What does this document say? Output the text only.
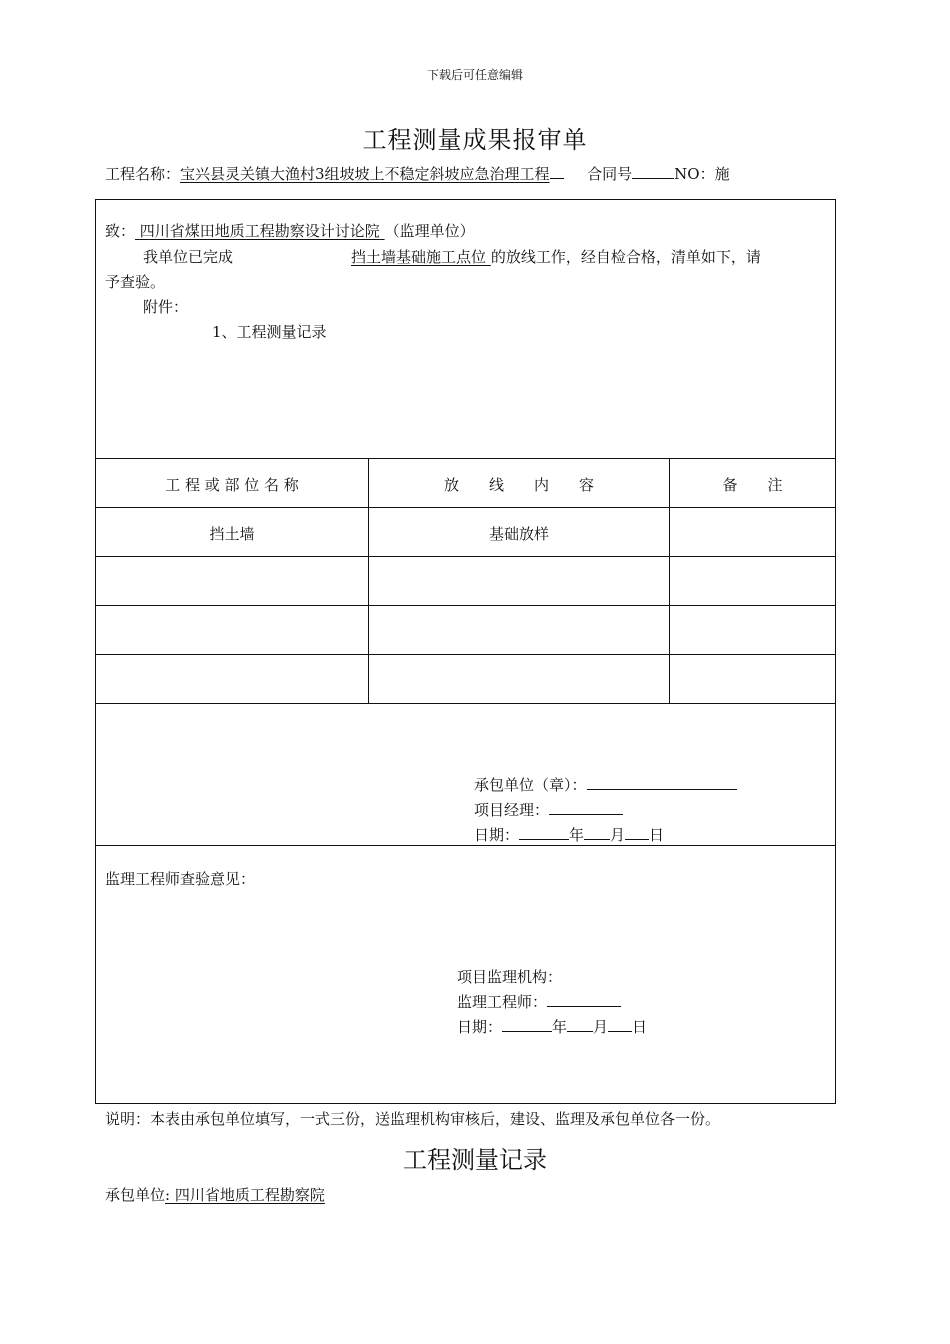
下载后可任意编辑
工程测量成果报审单
工程名称：宝兴县灵关镇大渔村3组坡坡上不稳定斜坡应急治理工程	合同号	NO：施
致： 四川省煤田地质工程勘察设计讨论院 （监理单位）
我单位已完成	挡土墙基础施工点位 的放线工作，经自检合格，清单如下，请
予查验。
附件：
1、工程测量记录
工 程 或 部 位 名 称	放　　线　　内　　容	备　　注
挡土墙	基础放样
承包单位（章）：
项目经理：
日期：	年 月 日
监理工程师查验意见：
项目监理机构：
监理工程师：
日期：	年 月 日
说明：本表由承包单位填写，一式三份，送监理机构审核后，建设、监理及承包单位各一份。
工程测量记录
承包单位: 四川省地质工程勘察院
